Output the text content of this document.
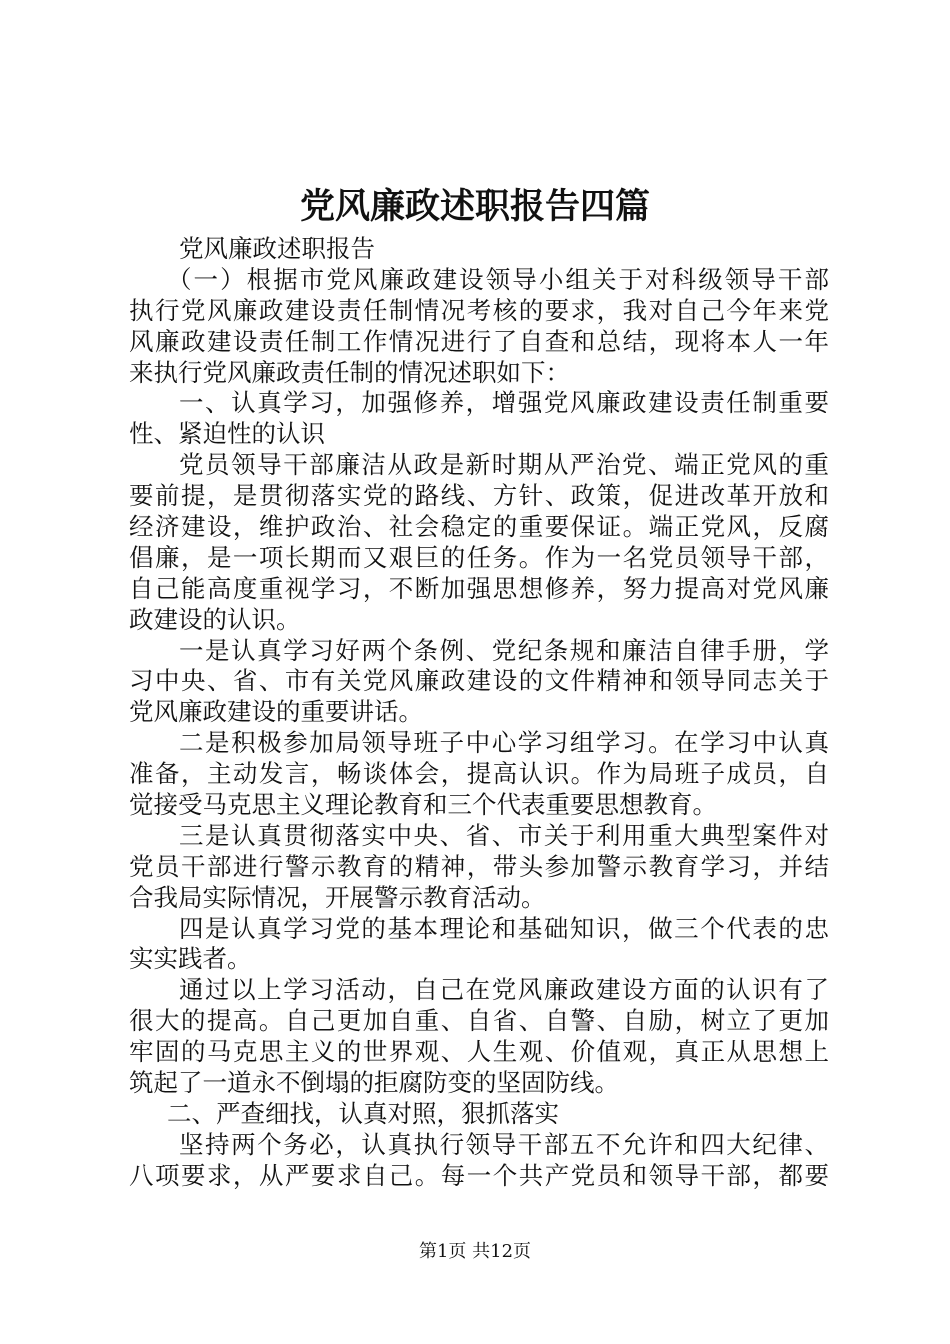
党风廉政述职报告四篇
党风廉政述职报告
（一）根据市党风廉政建设领导小组关于对科级领导干部
执行党风廉政建设责任制情况考核的要求，我对自己今年来党
风廉政建设责任制工作情况进行了自查和总结，现将本人一年
来执行党风廉政责任制的情况述职如下：
一、认真学习，加强修养，增强党风廉政建设责任制重要
性、紧迫性的认识
党员领导干部廉洁从政是新时期从严治党、端正党风的重
要前提，是贯彻落实党的路线、方针、政策，促进改革开放和
经济建设，维护政治、社会稳定的重要保证。端正党风，反腐
倡廉，是一项长期而又艰巨的任务。作为一名党员领导干部，
自己能高度重视学习，不断加强思想修养，努力提高对党风廉
政建设的认识。
一是认真学习好两个条例、党纪条规和廉洁自律手册，学
习中央、省、市有关党风廉政建设的文件精神和领导同志关于
党风廉政建设的重要讲话。
二是积极参加局领导班子中心学习组学习。在学习中认真
准备，主动发言，畅谈体会，提高认识。作为局班子成员，自
觉接受马克思主义理论教育和三个代表重要思想教育。
三是认真贯彻落实中央、省、市关于利用重大典型案件对
党员干部进行警示教育的精神，带头参加警示教育学习，并结
合我局实际情况，开展警示教育活动。
四是认真学习党的基本理论和基础知识，做三个代表的忠
实实践者。
通过以上学习活动，自己在党风廉政建设方面的认识有了
很大的提高。自己更加自重、自省、自警、自励，树立了更加
牢固的马克思主义的世界观、人生观、价值观，真正从思想上
筑起了一道永不倒塌的拒腐防变的坚固防线。
二、严查细找，认真对照，狠抓落实
坚持两个务必，认真执行领导干部五不允许和四大纪律、
八项要求，从严要求自己。每一个共产党员和领导干部，都要
第1页 共12页
